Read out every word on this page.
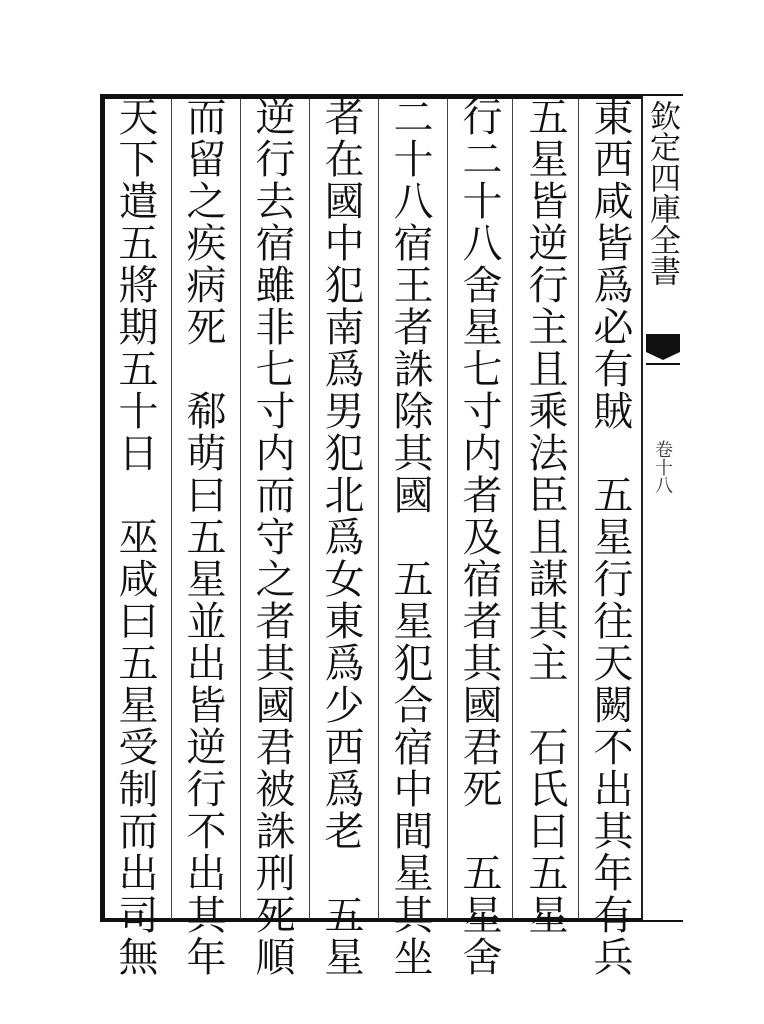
欽定四庫全書
卷十八
東西咸皆爲必有賊　五星行往天闕不出其年有兵
五星皆逆行主且乘法臣且謀其主　石氏曰五星
行二十八舍星七寸内者及宿者其國君死　五星舍
二十八宿王者誅除其國　五星犯合宿中間星其坐
者在國中犯南爲男犯北爲女東爲少西爲老　五星
逆行去宿雖非七寸内而守之者其國君被誅刑死順
而留之疾病死　郗萌曰五星並出皆逆行不出其年
天下遣五將期五十日　巫咸曰五星受制而出司無
